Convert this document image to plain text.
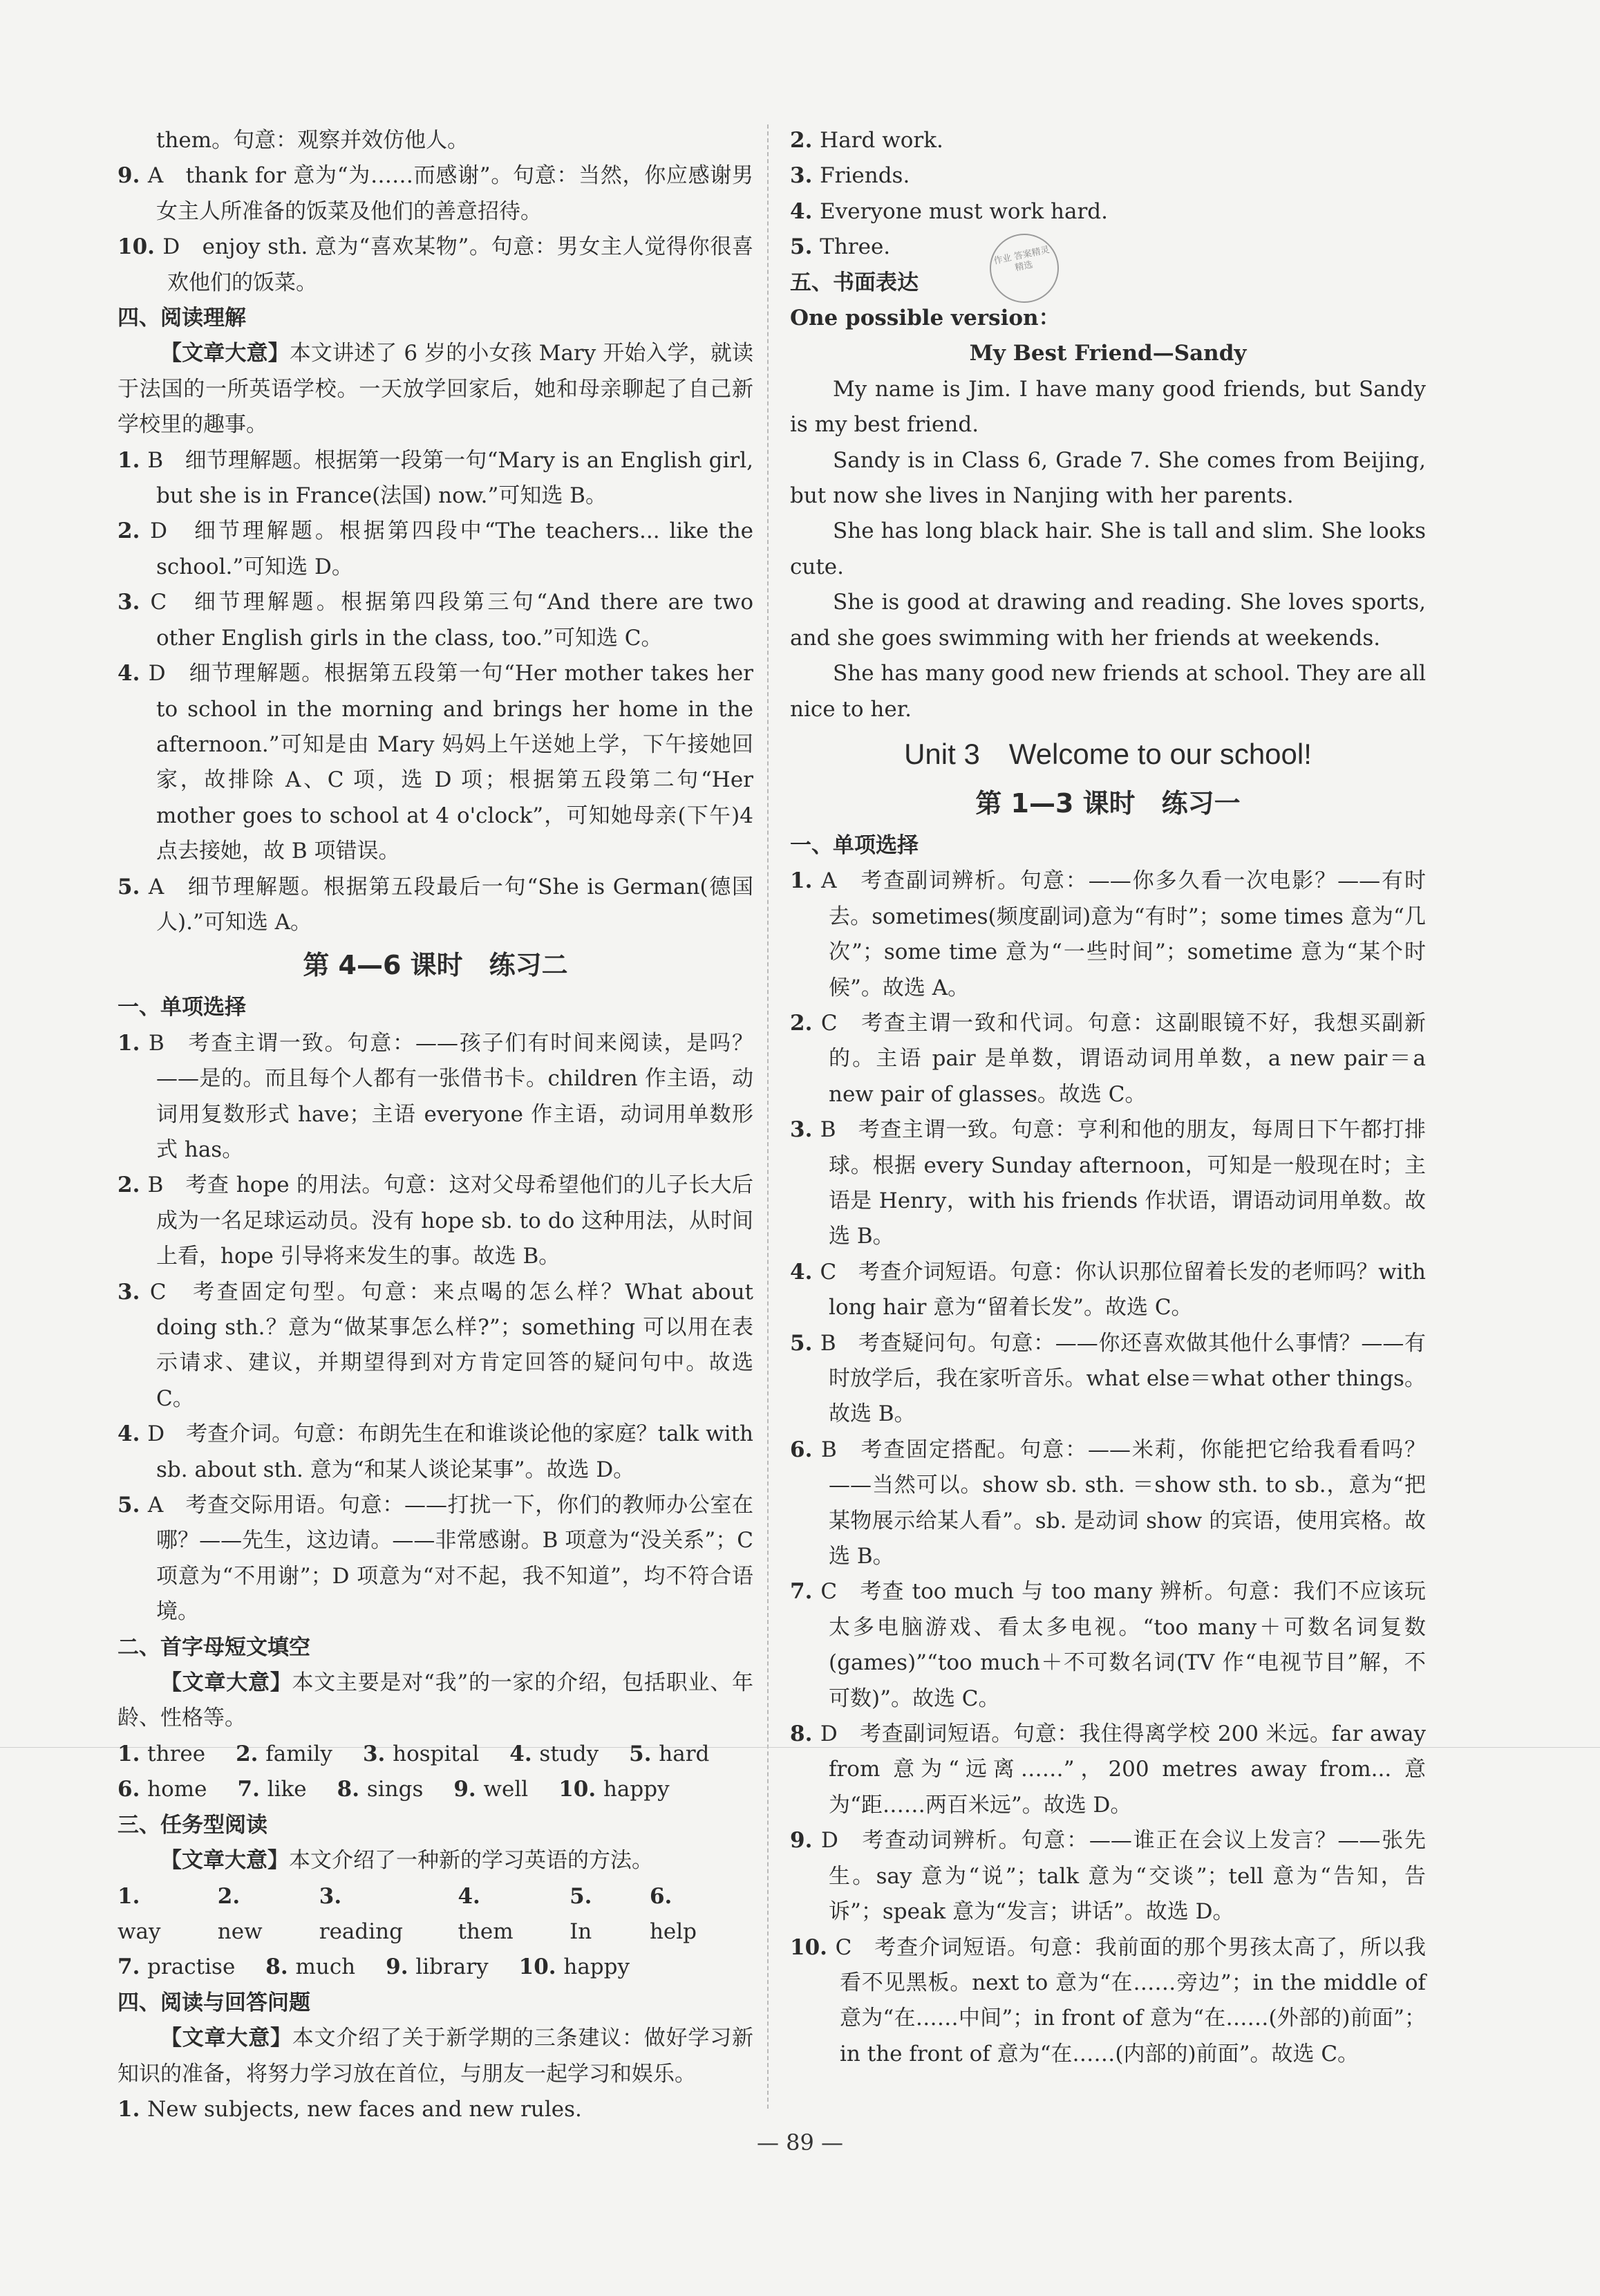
them。句意：观察并效仿他人。
9. A　thank for 意为“为……而感谢”。句意：当然，你应感谢男女主人所准备的饭菜及他们的善意招待。
10. D　enjoy sth. 意为“喜欢某物”。句意：男女主人觉得你很喜欢他们的饭菜。
四、阅读理解
【文章大意】本文讲述了 6 岁的小女孩 Mary 开始入学，就读于法国的一所英语学校。一天放学回家后，她和母亲聊起了自己新学校里的趣事。
1. B　细节理解题。根据第一段第一句“Mary is an English girl, but she is in France(法国) now.”可知选 B。
2. D　细节理解题。根据第四段中“The teachers... like the school.”可知选 D。
3. C　细节理解题。根据第四段第三句“And there are two other English girls in the class, too.”可知选 C。
4. D　细节理解题。根据第五段第一句“Her mother takes her to school in the morning and brings her home in the afternoon.”可知是由 Mary 妈妈上午送她上学，下午接她回家，故排除 A、C 项，选 D 项；根据第五段第二句“Her mother goes to school at 4 o'clock”，可知她母亲(下午)4 点去接她，故 B 项错误。
5. A　细节理解题。根据第五段最后一句“She is German(德国人).”可知选 A。
第 4—6 课时　练习二
一、单项选择
1. B　考查主谓一致。句意：——孩子们有时间来阅读，是吗？——是的。而且每个人都有一张借书卡。children 作主语，动词用复数形式 have；主语 everyone 作主语，动词用单数形式 has。
2. B　考查 hope 的用法。句意：这对父母希望他们的儿子长大后成为一名足球运动员。没有 hope sb. to do 这种用法，从时间上看，hope 引导将来发生的事。故选 B。
3. C　考查固定句型。句意：来点喝的怎么样？What about doing sth.？意为“做某事怎么样?”；something 可以用在表示请求、建议，并期望得到对方肯定回答的疑问句中。故选 C。
4. D　考查介词。句意：布朗先生在和谁谈论他的家庭？talk with sb. about sth. 意为“和某人谈论某事”。故选 D。
5. A　考查交际用语。句意：——打扰一下，你们的教师办公室在哪？——先生，这边请。——非常感谢。B 项意为“没关系”；C 项意为“不用谢”；D 项意为“对不起，我不知道”，均不符合语境。
二、首字母短文填空
【文章大意】本文主要是对“我”的一家的介绍，包括职业、年龄、性格等。
1. three 2. family 3. hospital 4. study 5. hard
6. home 7. like 8. sings 9. well 10. happy
三、任务型阅读
【文章大意】本文介绍了一种新的学习英语的方法。
1. way
2. new
3. reading
4. them
5. In
6. help
7. practise 8. much 9. library 10. happy
四、阅读与回答问题
【文章大意】本文介绍了关于新学期的三条建议：做好学习新知识的准备，将努力学习放在首位，与朋友一起学习和娱乐。
1. New subjects, new faces and new rules.
2. Hard work.
3. Friends.
4. Everyone must work hard.
5. Three.
五、书面表达
One possible version：
My Best Friend—Sandy
My name is Jim. I have many good friends, but Sandy is my best friend.
Sandy is in Class 6, Grade 7. She comes from Beijing, but now she lives in Nanjing with her parents.
She has long black hair. She is tall and slim. She looks cute.
She is good at drawing and reading. She loves sports, and she goes swimming with her friends at weekends.
She has many good new friends at school. They are all nice to her.
Unit 3　Welcome to our school!
第 1—3 课时　练习一
一、单项选择
1. A　考查副词辨析。句意：——你多久看一次电影？——有时去。sometimes(频度副词)意为“有时”；some times 意为“几次”；some time 意为“一些时间”；sometime 意为“某个时候”。故选 A。
2. C　考查主谓一致和代词。句意：这副眼镜不好，我想买副新的。主语 pair 是单数，谓语动词用单数，a new pair＝a new pair of glasses。故选 C。
3. B　考查主谓一致。句意：亨利和他的朋友，每周日下午都打排球。根据 every Sunday afternoon，可知是一般现在时；主语是 Henry，with his friends 作状语，谓语动词用单数。故选 B。
4. C　考查介词短语。句意：你认识那位留着长发的老师吗？with long hair 意为“留着长发”。故选 C。
5. B　考查疑问句。句意：——你还喜欢做其他什么事情？——有时放学后，我在家听音乐。what else＝what other things。故选 B。
6. B　考查固定搭配。句意：——米莉，你能把它给我看看吗？——当然可以。show sb. sth. ＝show sth. to sb.，意为“把某物展示给某人看”。sb. 是动词 show 的宾语，使用宾格。故选 B。
7. C　考查 too much 与 too many 辨析。句意：我们不应该玩太多电脑游戏、看太多电视。“too many＋可数名词复数(games)”“too much＋不可数名词(TV 作“电视节目”解，不可数)”。故选 C。
8. D　考查副词短语。句意：我住得离学校 200 米远。far away from 意为“远离……”，200 metres away from... 意为“距……两百米远”。故选 D。
9. D　考查动词辨析。句意：——谁正在会议上发言？——张先生。say 意为“说”；talk 意为“交谈”；tell 意为“告知，告诉”；speak 意为“发言；讲话”。故选 D。
10. C　考查介词短语。句意：我前面的那个男孩太高了，所以我看不见黑板。next to 意为“在……旁边”；in the middle of 意为“在……中间”；in front of 意为“在……(外部的)前面”；in the front of 意为“在……(内部的)前面”。故选 C。
作业 答案精灵 精选
— 89 —
